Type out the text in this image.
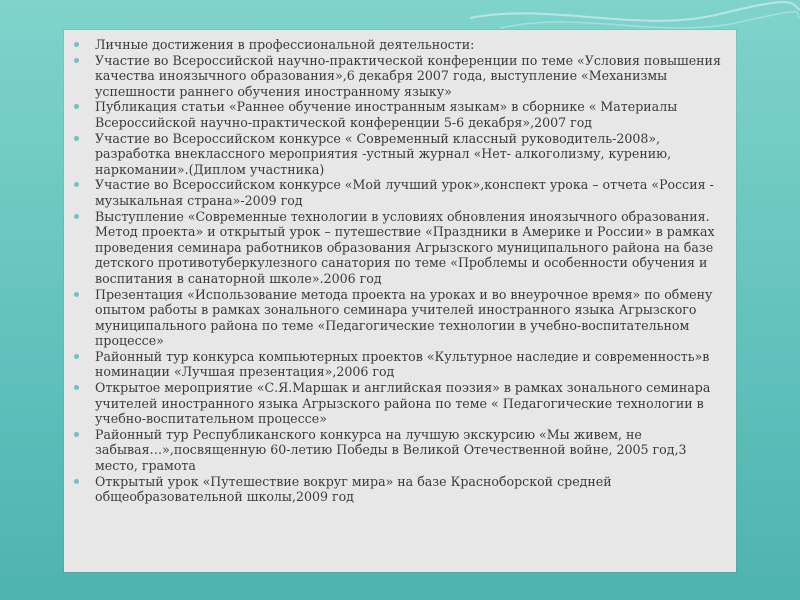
Личные достижения в профессиональной деятельности:
Участие во Всероссийской научно-практической конференции по теме «Условия повышения качества иноязычного образования»,6 декабря 2007 года, выступление «Механизмы успешности раннего обучения иностранному языку»
Публикация статьи «Раннее обучение иностранным языкам» в сборнике « Материалы Всероссийской научно-практической конференции 5-6 декабря»,2007 год
Участие во Всероссийском конкурсе « Современный классный руководитель-2008», разработка внеклассного мероприятия -устный журнал «Нет- алкоголизму, курению, наркомании».(Диплом участника)
Участие во Всероссийском конкурсе «Мой лучший урок»,конспект урока – отчета «Россия - музыкальная страна»-2009 год
Выступление «Современные технологии в условиях обновления иноязычного образования. Метод проекта» и открытый урок – путешествие «Праздники в Америке и России» в рамках проведения семинара работников образования Агрызского муниципального района на базе детского противотуберкулезного санатория по теме «Проблемы и особенности обучения и воспитания в санаторной школе».2006 год
Презентация «Использование метода проекта на уроках и во внеурочное время» по обмену опытом работы в рамках зонального семинара учителей иностранного языка Агрызского муниципального района по теме «Педагогические технологии в учебно-воспитательном процессе»
Районный тур конкурса компьютерных проектов «Культурное наследие и современность»в номинации «Лучшая презентация»,2006 год
Открытое мероприятие «С.Я.Маршак и английская поэзия» в рамках зонального семинара учителей иностранного языка Агрызского района по теме « Педагогические технологии в учебно-воспитательном процессе»
Районный тур Республиканского конкурса на лучшую экскурсию «Мы живем, не забывая…»,посвященную 60-летию Победы в Великой Отечественной войне, 2005 год,3 место, грамота
Открытый урок «Путешествие вокруг мира» на базе Красноборской средней общеобразовательной школы,2009 год
